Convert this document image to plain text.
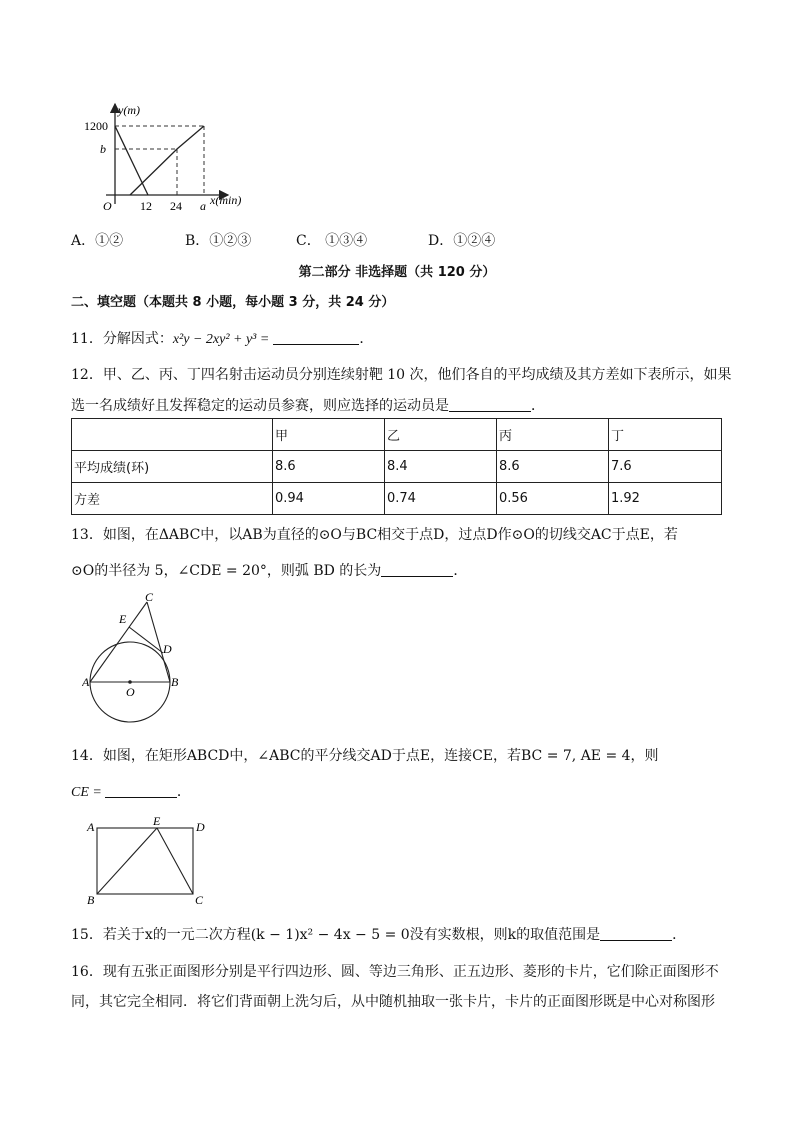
y(m)
x(min)
1200
b
O 12 24 a
A．①②	B．①②③	C． ①③④	D．①②④
第二部分 非选择题（共 120 分）
二、填空题（本题共 8 小题，每小题 3 分，共 24 分）
11．分解因式：x²y − 2xy² + y³ =	．
12．甲、乙、丙、丁四名射击运动员分别连续射靶 10 次，他们各自的平均成绩及其方差如下表所示，如果
选一名成绩好且发挥稳定的运动员参赛，则应选择的运动员是	．
	甲	乙	丙	丁
平均成绩(环)	8.6	8.4	8.6	7.6
方差	0.94	0.74	0.56	1.92
13．如图，在ΔABC中，以AB为直径的⊙O与BC相交于点D，过点D作⊙O的切线交AC于点E，若
⊙O的半径为 5，∠CDE = 20°，则弧 BD 的长为	．
E
C
D
A
O
B
14．如图，在矩形ABCD中，∠ABC的平分线交AD于点E，连接CE，若BC = 7, AE = 4，则
CE =	．
A	E	D
B	C
15．若关于x的一元二次方程(k − 1)x² − 4x − 5 = 0没有实数根，则k的取值范围是	．
16．现有五张正面图形分别是平行四边形、圆、等边三角形、正五边形、菱形的卡片，它们除正面图形不
同，其它完全相同．将它们背面朝上洗匀后，从中随机抽取一张卡片，卡片的正面图形既是中心对称图形
